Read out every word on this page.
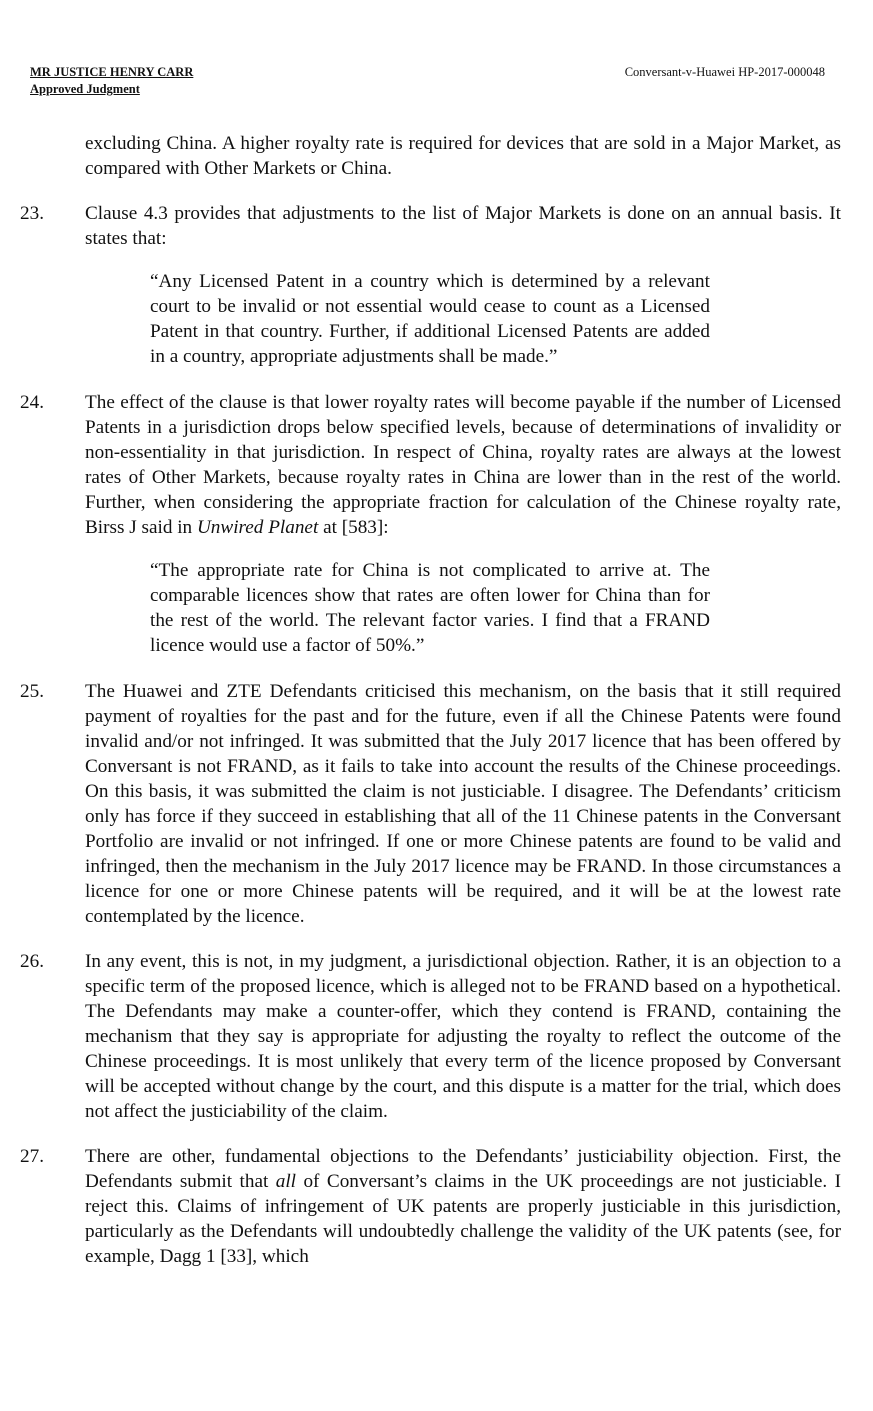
MR JUSTICE HENRY CARR
Approved Judgment
Conversant-v-Huawei HP-2017-000048
excluding China. A higher royalty rate is required for devices that are sold in a Major Market, as compared with Other Markets or China.
23. Clause 4.3 provides that adjustments to the list of Major Markets is done on an annual basis. It states that:
“Any Licensed Patent in a country which is determined by a relevant court to be invalid or not essential would cease to count as a Licensed Patent in that country. Further, if additional Licensed Patents are added in a country, appropriate adjustments shall be made.”
24. The effect of the clause is that lower royalty rates will become payable if the number of Licensed Patents in a jurisdiction drops below specified levels, because of determinations of invalidity or non-essentiality in that jurisdiction. In respect of China, royalty rates are always at the lowest rates of Other Markets, because royalty rates in China are lower than in the rest of the world. Further, when considering the appropriate fraction for calculation of the Chinese royalty rate, Birss J said in Unwired Planet at [583]:
“The appropriate rate for China is not complicated to arrive at. The comparable licences show that rates are often lower for China than for the rest of the world. The relevant factor varies. I find that a FRAND licence would use a factor of 50%.”
25. The Huawei and ZTE Defendants criticised this mechanism, on the basis that it still required payment of royalties for the past and for the future, even if all the Chinese Patents were found invalid and/or not infringed. It was submitted that the July 2017 licence that has been offered by Conversant is not FRAND, as it fails to take into account the results of the Chinese proceedings. On this basis, it was submitted the claim is not justiciable. I disagree. The Defendants’ criticism only has force if they succeed in establishing that all of the 11 Chinese patents in the Conversant Portfolio are invalid or not infringed. If one or more Chinese patents are found to be valid and infringed, then the mechanism in the July 2017 licence may be FRAND. In those circumstances a licence for one or more Chinese patents will be required, and it will be at the lowest rate contemplated by the licence.
26. In any event, this is not, in my judgment, a jurisdictional objection. Rather, it is an objection to a specific term of the proposed licence, which is alleged not to be FRAND based on a hypothetical. The Defendants may make a counter-offer, which they contend is FRAND, containing the mechanism that they say is appropriate for adjusting the royalty to reflect the outcome of the Chinese proceedings. It is most unlikely that every term of the licence proposed by Conversant will be accepted without change by the court, and this dispute is a matter for the trial, which does not affect the justiciability of the claim.
27. There are other, fundamental objections to the Defendants’ justiciability objection. First, the Defendants submit that all of Conversant’s claims in the UK proceedings are not justiciable. I reject this. Claims of infringement of UK patents are properly justiciable in this jurisdiction, particularly as the Defendants will undoubtedly challenge the validity of the UK patents (see, for example, Dagg 1 [33], which
